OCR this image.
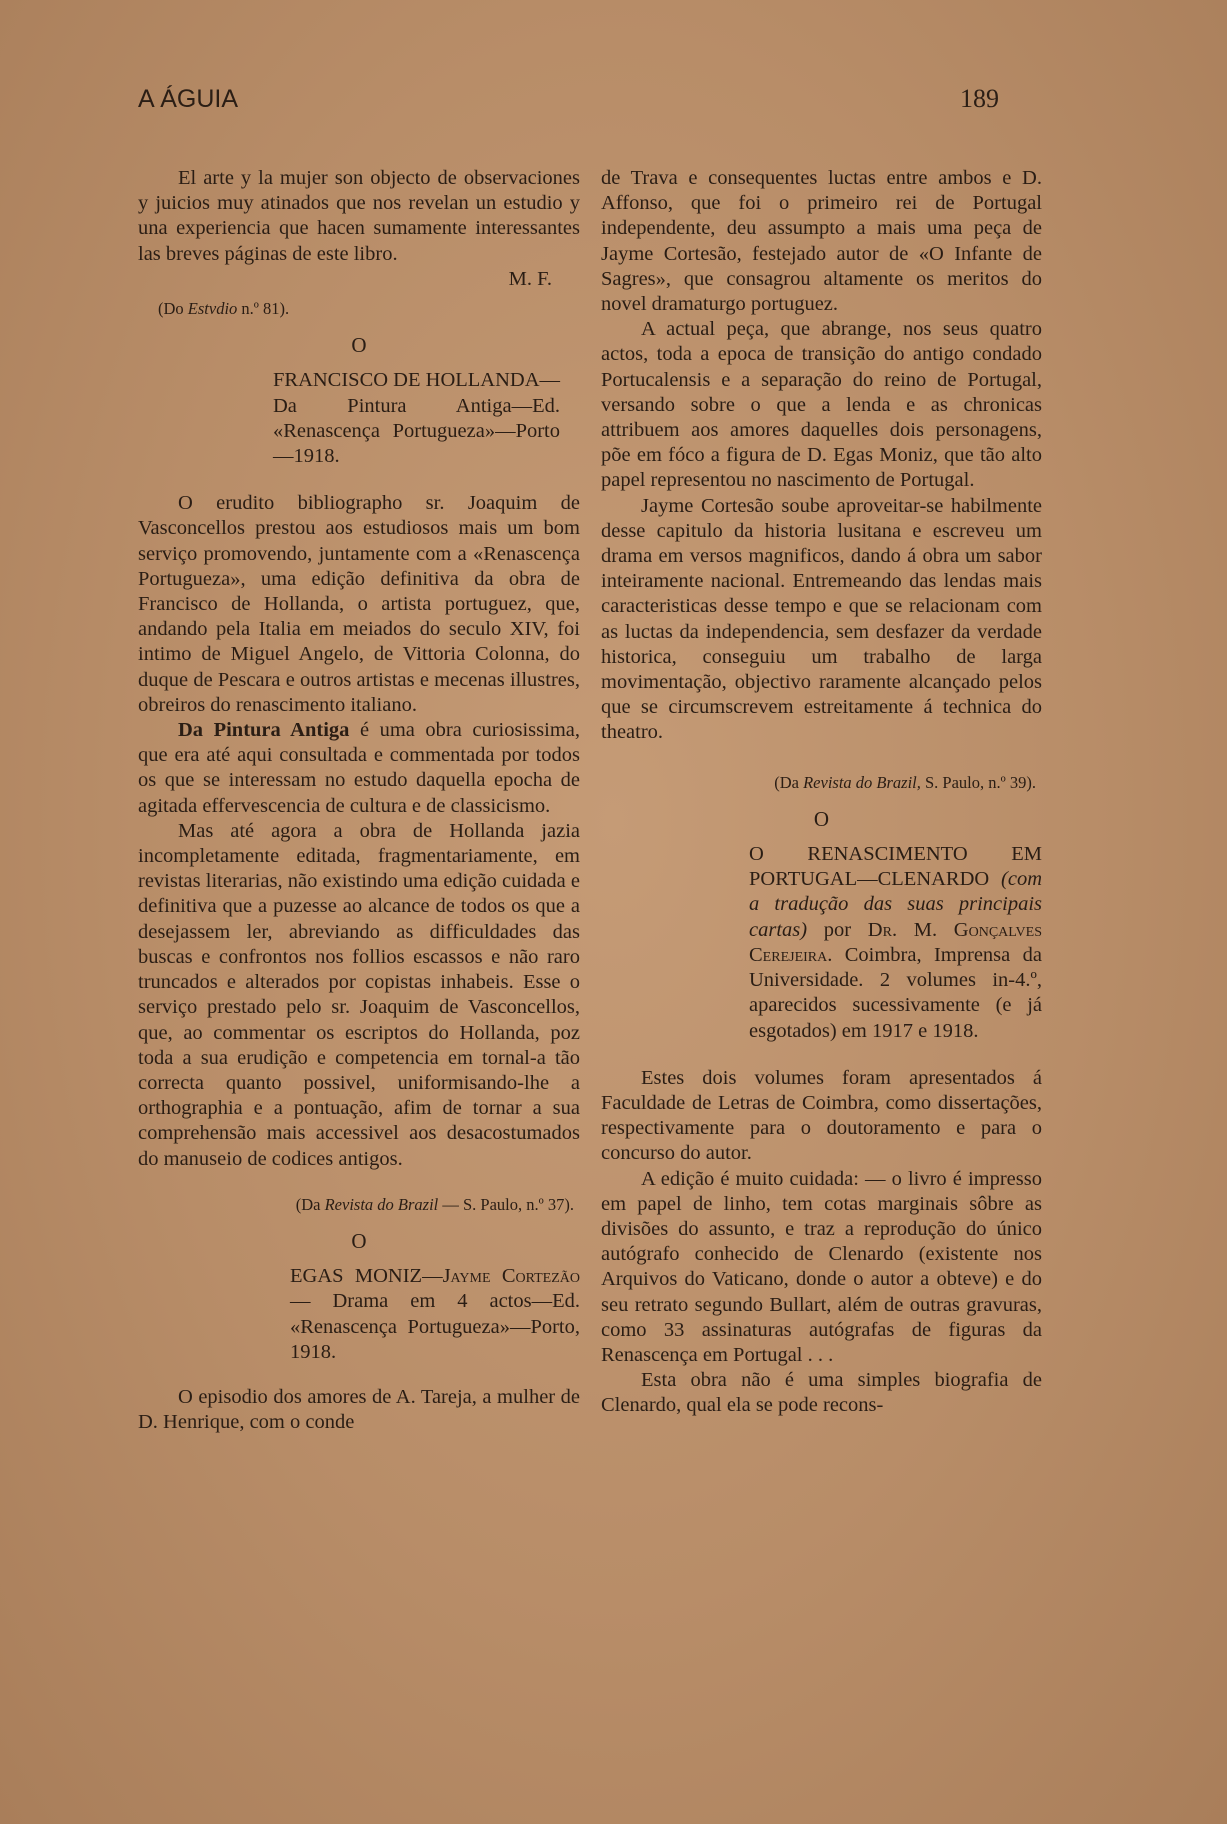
A ÁGUIA	189

El arte y la mujer son objecto de observaciones y juicios muy atinados que nos revelan un estudio y una experiencia que hacen sumamente interessantes las breves páginas de este libro.

M. F.

(Do Estvdio n.º 81).

O

FRANCISCO DE HOLLANDA—Da Pintura Antiga—Ed. «Renascença Portugueza»—Porto—1918.

O erudito bibliographo sr. Joaquim de Vasconcellos prestou aos estudiosos mais um bom serviço promovendo, juntamente com a «Renascença Portugueza», uma edição definitiva da obra de Francisco de Hollanda, o artista portuguez, que, andando pela Italia em meiados do seculo XIV, foi intimo de Miguel Angelo, de Vittoria Colonna, do duque de Pescara e outros artistas e mecenas illustres, obreiros do renascimento italiano.

Da Pintura Antiga é uma obra curiosissima, que era até aqui consultada e commentada por todos os que se interessam no estudo daquella epocha de agitada effervescencia de cultura e de classicismo.

Mas até agora a obra de Hollanda jazia incompletamente editada, fragmentariamente, em revistas literarias, não existindo uma edição cuidada e definitiva que a puzesse ao alcance de todos os que a desejassem ler, abreviando as difficuldades das buscas e confrontos nos follios escassos e não raro truncados e alterados por copistas inhabeis. Esse o serviço prestado pelo sr. Joaquim de Vasconcellos, que, ao commentar os escriptos do Hollanda, poz toda a sua erudição e competencia em tornal-a tão correcta quanto possivel, uniformisando-lhe a orthographia e a pontuação, afim de tornar a sua comprehensão mais accessivel aos desacostumados do manuseio de codices antigos.

(Da Revista do Brazil — S. Paulo, n.º 37).

O

EGAS MONIZ—Jayme Cortezão — Drama em 4 actos—Ed. «Renascença Portugueza»—Porto, 1918.

O episodio dos amores de A. Tareja, a mulher de D. Henrique, com o conde

de Trava e consequentes luctas entre ambos e D. Affonso, que foi o primeiro rei de Portugal independente, deu assumpto a mais uma peça de Jayme Cortesão, festejado autor de «O Infante de Sagres», que consagrou altamente os meritos do novel dramaturgo portuguez.

A actual peça, que abrange, nos seus quatro actos, toda a epoca de transição do antigo condado Portucalensis e a separação do reino de Portugal, versando sobre o que a lenda e as chronicas attribuem aos amores daquelles dois personagens, põe em fóco a figura de D. Egas Moniz, que tão alto papel representou no nascimento de Portugal.

Jayme Cortesão soube aproveitar-se habilmente desse capitulo da historia lusitana e escreveu um drama em versos magnificos, dando á obra um sabor inteiramente nacional. Entremeando das lendas mais caracteristicas desse tempo e que se relacionam com as luctas da independencia, sem desfazer da verdade historica, conseguiu um trabalho de larga movimentação, objectivo raramente alcançado pelos que se circumscrevem estreitamente á technica do theatro.

(Da Revista do Brazil, S. Paulo, n.º 39).

O

O RENASCIMENTO EM PORTUGAL—CLENARDO (com a tradução das suas principais cartas) por Dr. M. Gonçalves Cerejeira. Coimbra, Imprensa da Universidade. 2 volumes in-4.º, aparecidos sucessivamente (e já esgotados) em 1917 e 1918.

Estes dois volumes foram apresentados á Faculdade de Letras de Coimbra, como dissertações, respectivamente para o doutoramento e para o concurso do autor.

A edição é muito cuidada: — o livro é impresso em papel de linho, tem cotas marginais sôbre as divisões do assunto, e traz a reprodução do único autógrafo conhecido de Clenardo (existente nos Arquivos do Vaticano, donde o autor a obteve) e do seu retrato segundo Bullart, além de outras gravuras, como 33 assinaturas autógrafas de figuras da Renascença em Portugal . . .

Esta obra não é uma simples biografia de Clenardo, qual ela se pode recons-
